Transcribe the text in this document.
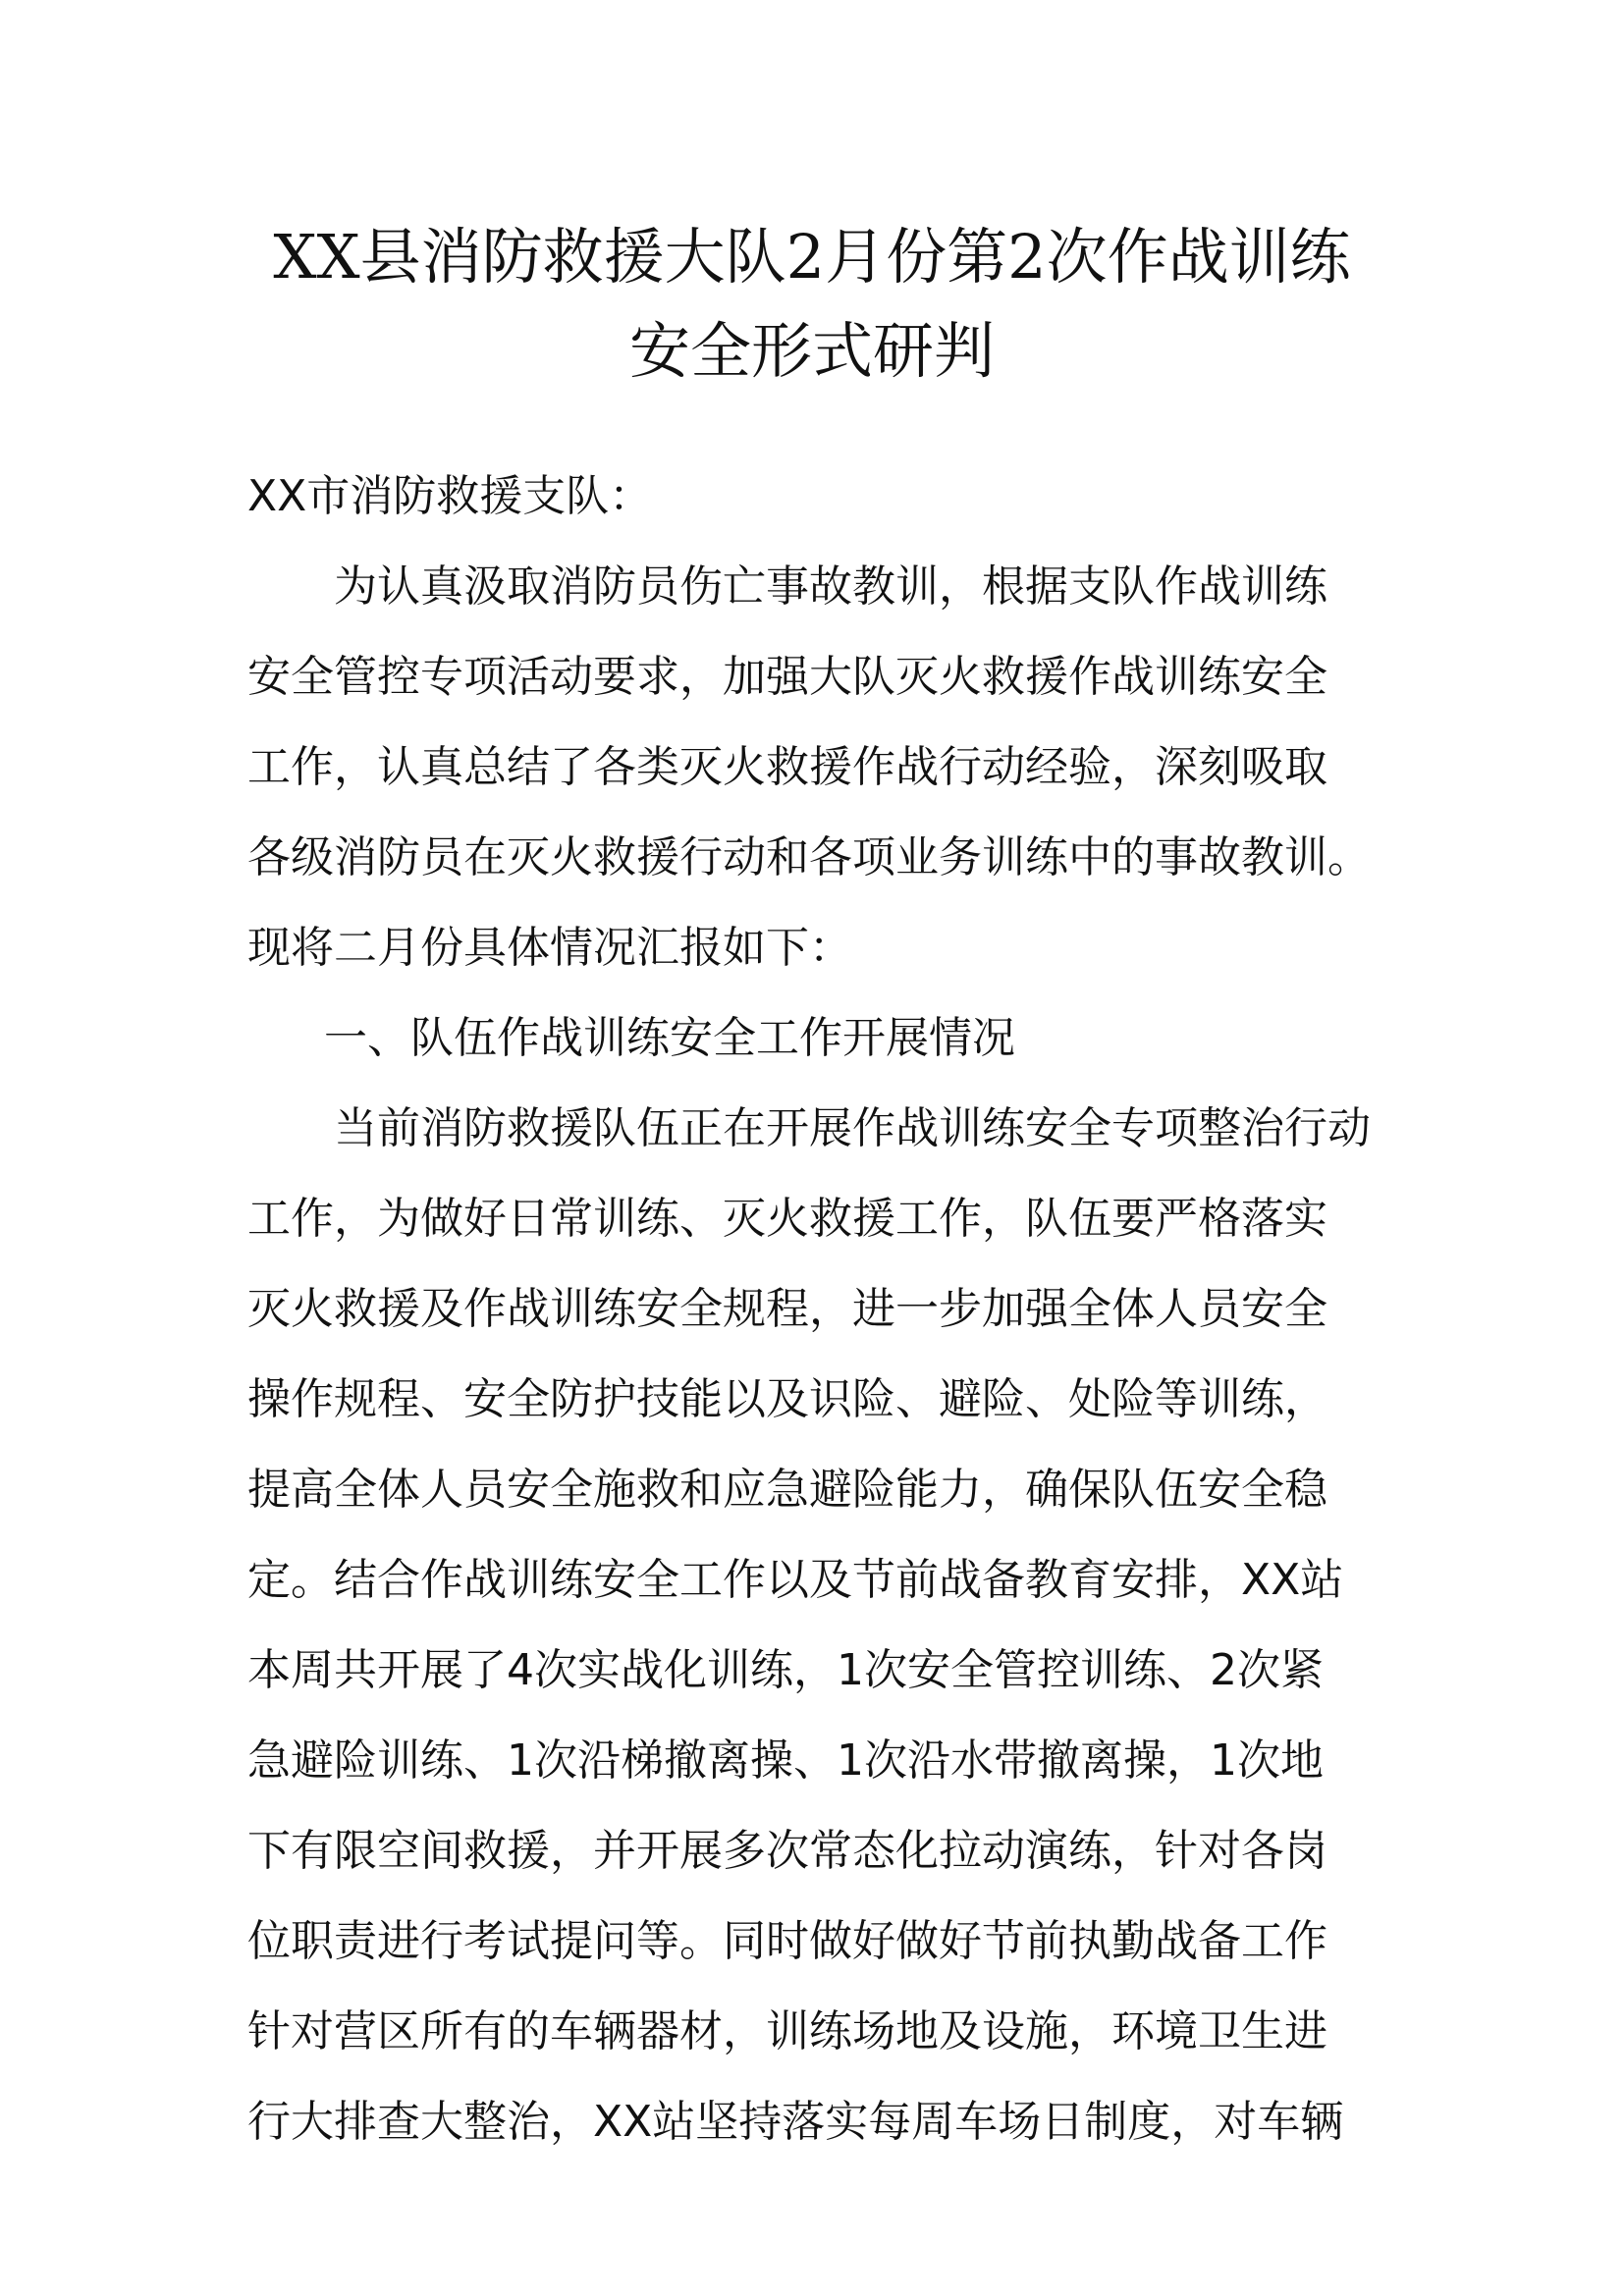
XX县消防救援大队2月份第2次作战训练
安全形式研判

XX市消防救援支队：

为认真汲取消防员伤亡事故教训，根据支队作战训练

安全管控专项活动要求，加强大队灭火救援作战训练安全

工作，认真总结了各类灭火救援作战行动经验，深刻吸取

各级消防员在灭火救援行动和各项业务训练中的事故教训。

现将二月份具体情况汇报如下：

一、队伍作战训练安全工作开展情况

当前消防救援队伍正在开展作战训练安全专项整治行动

工作，为做好日常训练、灭火救援工作，队伍要严格落实

灭火救援及作战训练安全规程，进一步加强全体人员安全

操作规程、安全防护技能以及识险、避险、处险等训练，

提高全体人员安全施救和应急避险能力，确保队伍安全稳

定。结合作战训练安全工作以及节前战备教育安排，XX站

本周共开展了4次实战化训练，1次安全管控训练、2次紧

急避险训练、1次沿梯撤离操、1次沿水带撤离操，1次地

下有限空间救援，并开展多次常态化拉动演练，针对各岗

位职责进行考试提问等。同时做好做好节前执勤战备工作

针对营区所有的车辆器材，训练场地及设施，环境卫生进

行大排查大整治，XX站坚持落实每周车场日制度，对车辆
